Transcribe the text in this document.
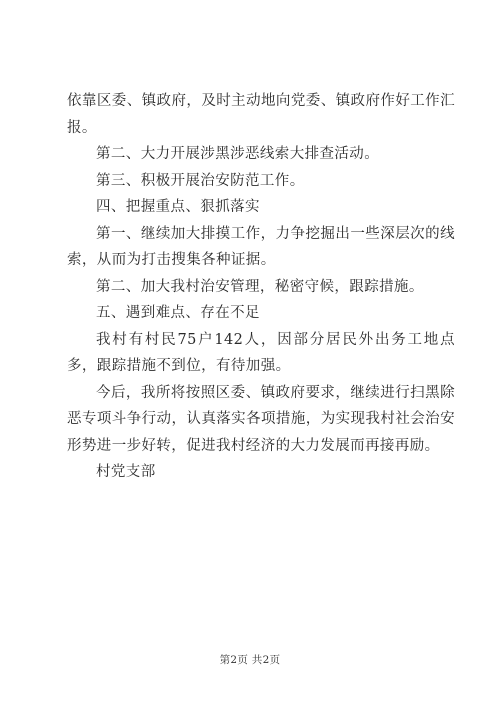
依靠区委、镇政府，及时主动地向党委、镇政府作好工作汇报。

第二、大力开展涉黑涉恶线索大排查活动。

第三、积极开展治安防范工作。

四、把握重点、狠抓落实

第一、继续加大排摸工作，力争挖掘出一些深层次的线索，从而为打击搜集各种证据。

第二、加大我村治安管理，秘密守候，跟踪措施。

五、遇到难点、存在不足

我村有村民75户142人，因部分居民外出务工地点多，跟踪措施不到位，有待加强。

今后，我所将按照区委、镇政府要求，继续进行扫黑除恶专项斗争行动，认真落实各项措施，为实现我村社会治安形势进一步好转，促进我村经济的大力发展而再接再励。

村党支部

第2页 共2页
